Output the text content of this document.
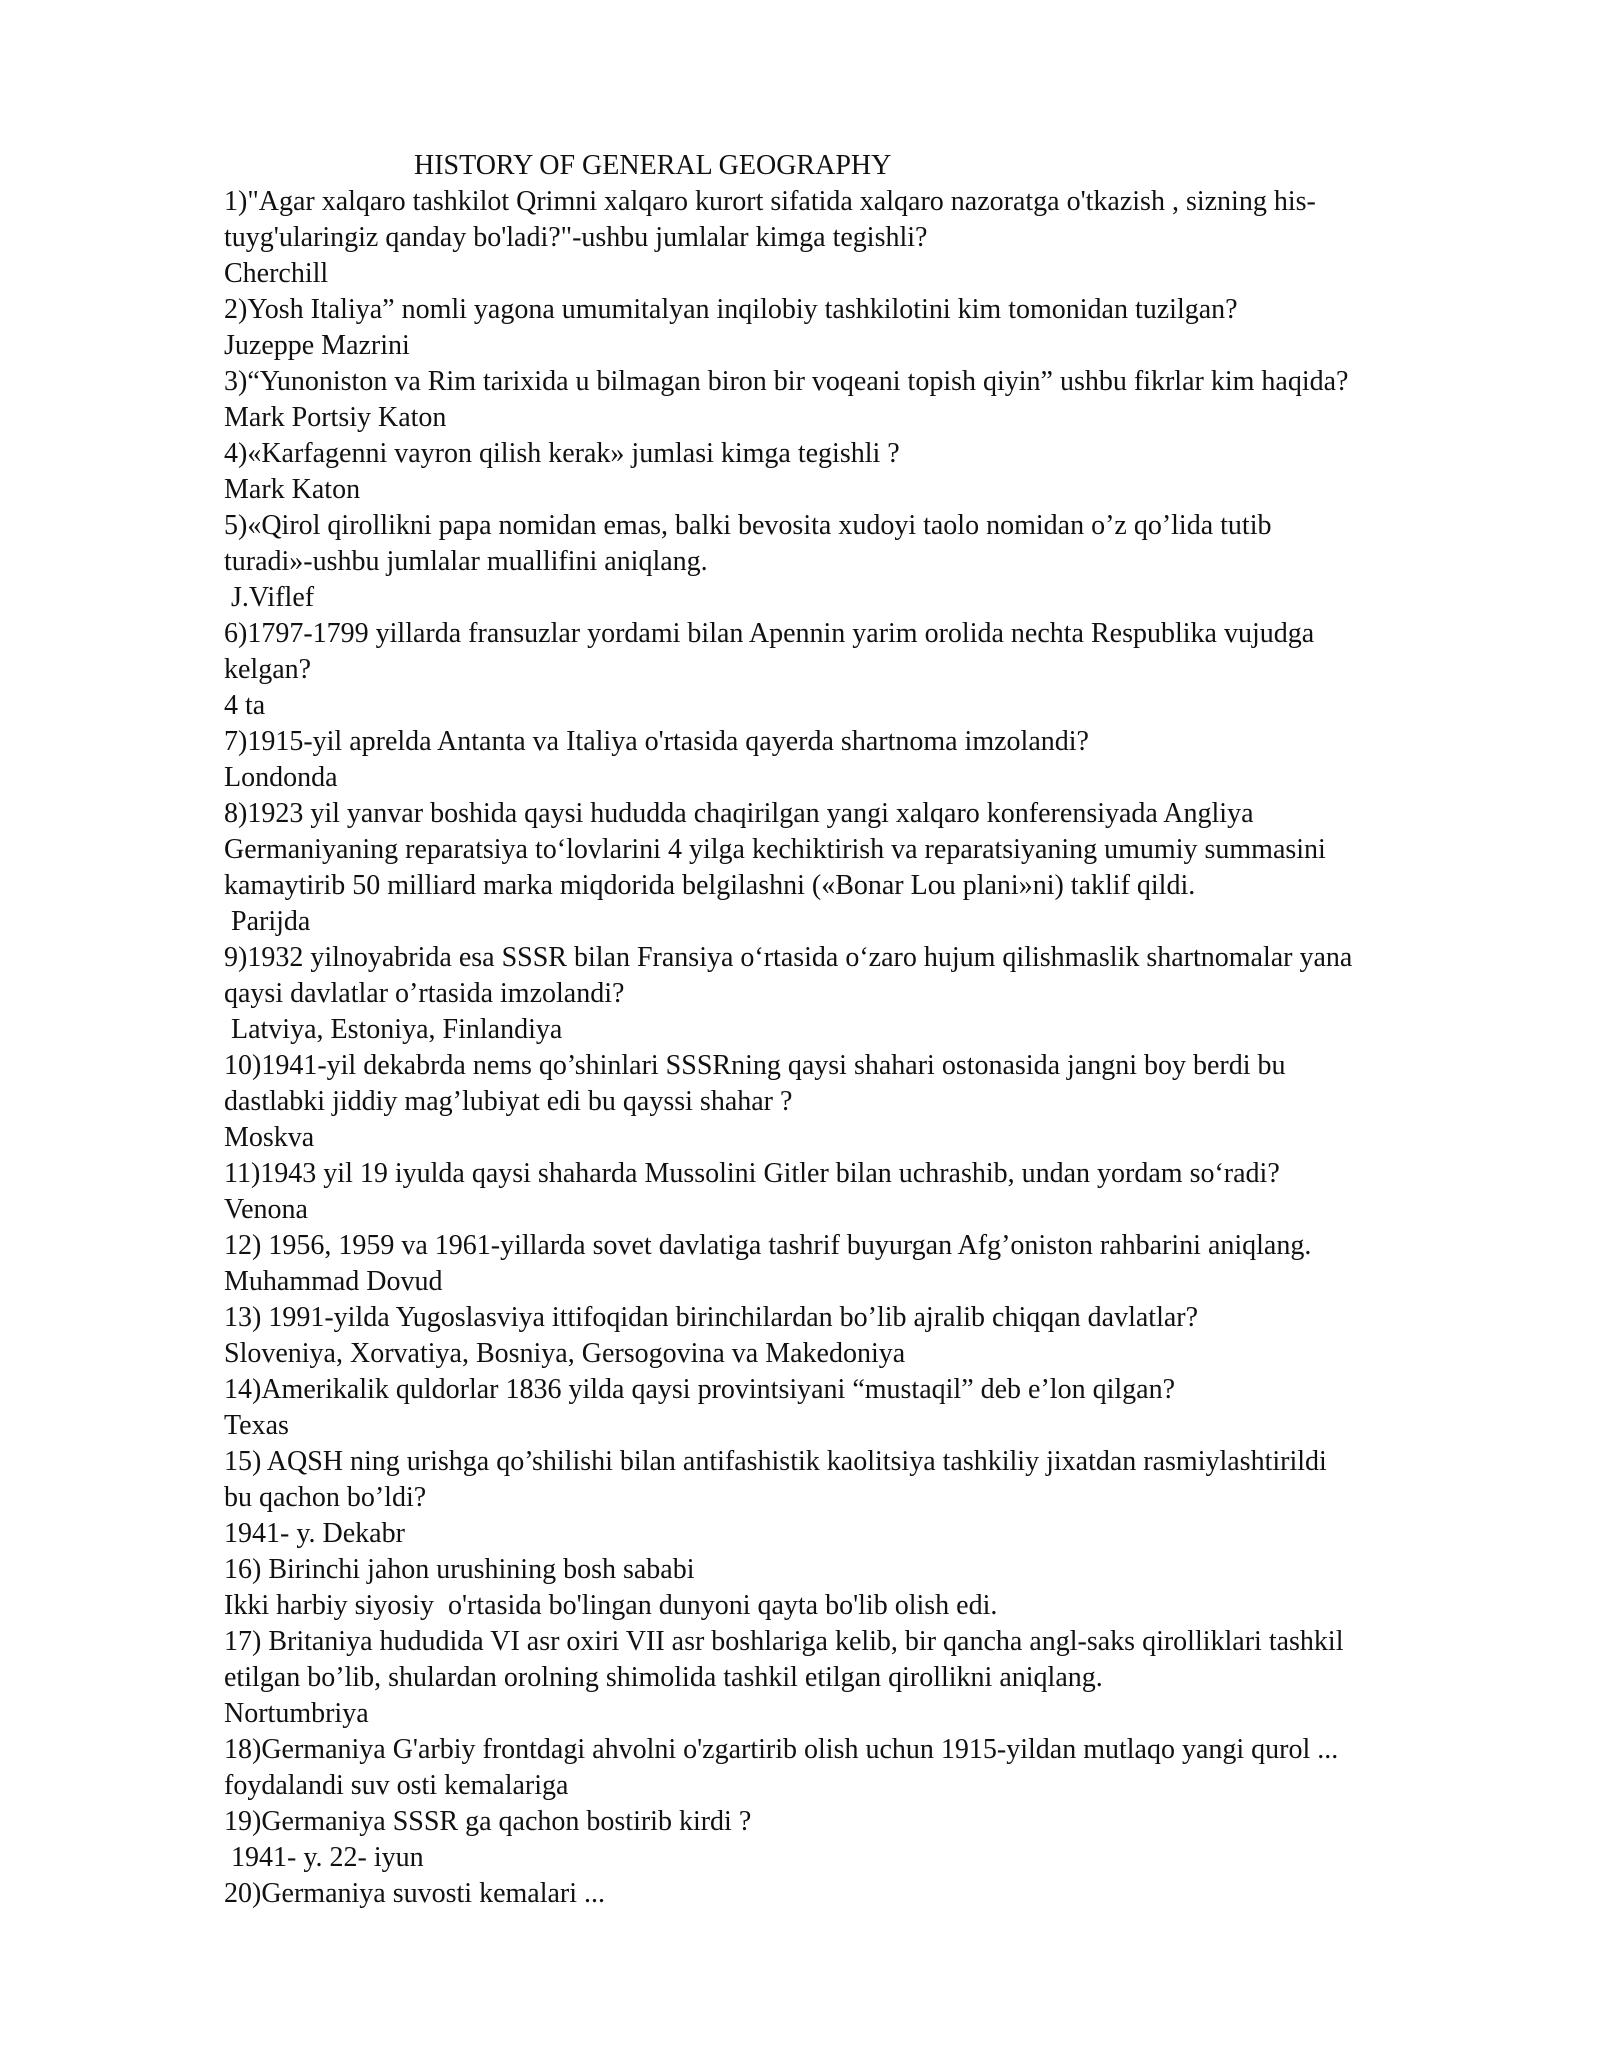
HISTORY OF GENERAL GEOGRAPHY
1)"Agar xalqaro tashkilot Qrimni xalqaro kurort sifatida xalqaro nazoratga o'tkazish , sizning his-
tuyg'ularingiz qanday bo'ladi?"-ushbu jumlalar kimga tegishli?
Cherchill
2)Yosh Italiya” nomli yagona umumitalyan inqilobiy tashkilotini kim tomonidan tuzilgan?
Juzeppe Mazrini
3)“Yunoniston va Rim tarixida u bilmagan biron bir voqeani topish qiyin” ushbu fikrlar kim haqida?
Mark Portsiy Katon
4)«Karfagenni vayron qilish kerak» jumlasi kimga tegishli ?
Mark Katon
5)«Qirol qirollikni papa nomidan emas, balki bevosita xudoyi taolo nomidan o’z qo’lida tutib
turadi»-ushbu jumlalar muallifini aniqlang.
J.Viflef
6)1797-1799 yillarda fransuzlar yordami bilan Apennin yarim orolida nechta Respublika vujudga
kelgan?
4 ta
7)1915-yil aprelda Antanta va Italiya o'rtasida qayerda shartnoma imzolandi?
Londonda
8)1923 yil yanvar boshida qaysi hududda chaqirilgan yangi xalqaro konferensiyada Angliya
Germaniyaning reparatsiya to‘lovlarini 4 yilga kechiktirish va reparatsiyaning umumiy summasini
kamaytirib 50 milliard marka miqdorida belgilashni («Bonar Lou plani»ni) taklif qildi.
Parijda
9)1932 yilnoyabrida esa SSSR bilan Fransiya o‘rtasida o‘zaro hujum qilishmaslik shartnomalar yana
qaysi davlatlar o’rtasida imzolandi?
Latviya, Estoniya, Finlandiya
10)1941-yil dekabrda nems qo’shinlari SSSRning qaysi shahari ostonasida jangni boy berdi bu
dastlabki jiddiy mag’lubiyat edi bu qayssi shahar ?
Moskva
11)1943 yil 19 iyulda qaysi shaharda Mussolini Gitler bilan uchrashib, undan yordam so‘radi?
Venona
12) 1956, 1959 va 1961-yillarda sovet davlatiga tashrif buyurgan Afg’oniston rahbarini aniqlang.
Muhammad Dovud
13) 1991-yilda Yugoslasviya ittifoqidan birinchilardan bo’lib ajralib chiqqan davlatlar?
Sloveniya, Xorvatiya, Bosniya, Gersogovina va Makedoniya
14)Amerikalik quldorlar 1836 yilda qaysi provintsiyani “mustaqil” deb e’lon qilgan?
Texas
15) AQSH ning urishga qo’shilishi bilan antifashistik kaolitsiya tashkiliy jixatdan rasmiylashtirildi
bu qachon bo’ldi?
1941- y. Dekabr
16) Birinchi jahon urushining bosh sababi
Ikki harbiy siyosiy  o'rtasida bo'lingan dunyoni qayta bo'lib olish edi.
17) Britaniya hududida VI asr oxiri VII asr boshlariga kelib, bir qancha angl-saks qirolliklari tashkil
etilgan bo’lib, shulardan orolning shimolida tashkil etilgan qirollikni aniqlang.
Nortumbriya
18)Germaniya G'arbiy frontdagi ahvolni o'zgartirib olish uchun 1915-yildan mutlaqo yangi qurol ...
foydalandi suv osti kemalariga
19)Germaniya SSSR ga qachon bostirib kirdi ?
1941- y. 22- iyun
20)Germaniya suvosti kemalari ...
